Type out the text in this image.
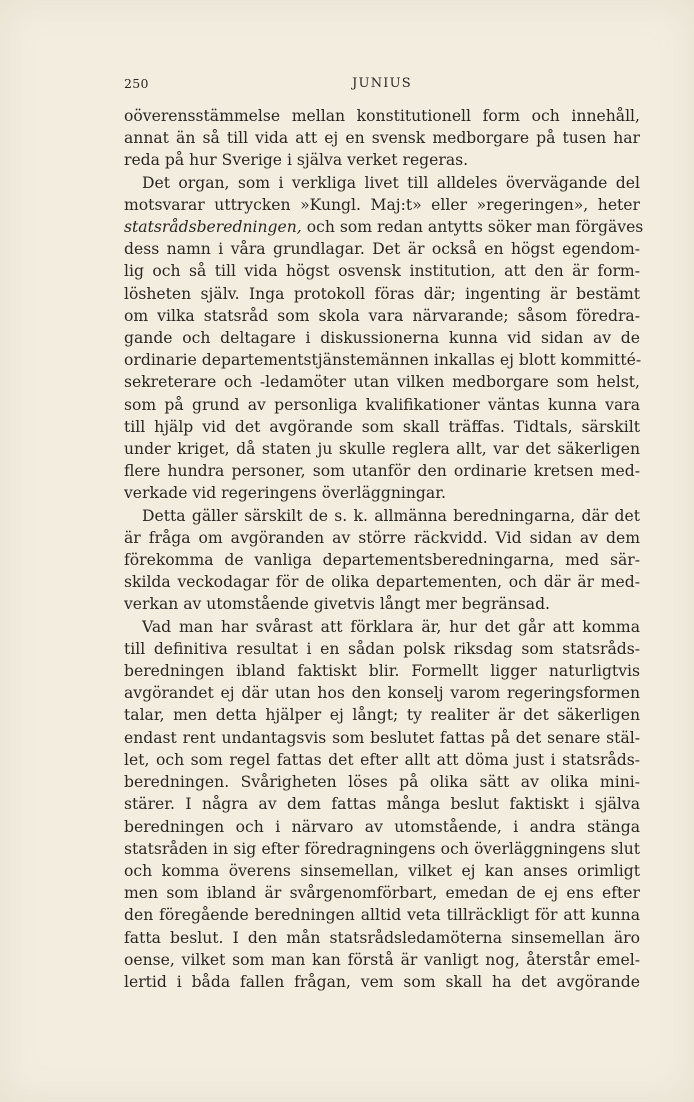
250	JUNIUS
oöverensstämmelse mellan konstitutionell form och innehåll,
annat än så till vida att ej en svensk medborgare på tusen har
reda på hur Sverige i själva verket regeras.
Det organ, som i verkliga livet till alldeles övervägande del
motsvarar uttrycken »Kungl. Maj:t» eller »regeringen», heter
statsrådsberedningen, och som redan antytts söker man förgäves
dess namn i våra grundlagar. Det är också en högst egendom-
lig och så till vida högst osvensk institution, att den är form-
lösheten själv. Inga protokoll föras där; ingenting är bestämt
om vilka statsråd som skola vara närvarande; såsom föredra-
gande och deltagare i diskussionerna kunna vid sidan av de
ordinarie departementstjänstemännen inkallas ej blott kommitté-
sekreterare och -ledamöter utan vilken medborgare som helst,
som på grund av personliga kvalifikationer väntas kunna vara
till hjälp vid det avgörande som skall träffas. Tidtals, särskilt
under kriget, då staten ju skulle reglera allt, var det säkerligen
flere hundra personer, som utanför den ordinarie kretsen med-
verkade vid regeringens överläggningar.
Detta gäller särskilt de s. k. allmänna beredningarna, där det
är fråga om avgöranden av större räckvidd. Vid sidan av dem
förekomma de vanliga departementsberedningarna, med sär-
skilda veckodagar för de olika departementen, och där är med-
verkan av utomstående givetvis långt mer begränsad.
Vad man har svårast att förklara är, hur det går att komma
till definitiva resultat i en sådan polsk riksdag som statsråds-
beredningen ibland faktiskt blir. Formellt ligger naturligtvis
avgörandet ej där utan hos den konselj varom regeringsformen
talar, men detta hjälper ej långt; ty realiter är det säkerligen
endast rent undantagsvis som beslutet fattas på det senare stäl-
let, och som regel fattas det efter allt att döma just i statsråds-
beredningen. Svårigheten löses på olika sätt av olika mini-
stärer. I några av dem fattas många beslut faktiskt i själva
beredningen och i närvaro av utomstående, i andra stänga
statsråden in sig efter föredragningens och överläggningens slut
och komma överens sinsemellan, vilket ej kan anses orimligt
men som ibland är svårgenomförbart, emedan de ej ens efter
den föregående beredningen alltid veta tillräckligt för att kunna
fatta beslut. I den mån statsrådsledamöterna sinsemellan äro
oense, vilket som man kan förstå är vanligt nog, återstår emel-
lertid i båda fallen frågan, vem som skall ha det avgörande
